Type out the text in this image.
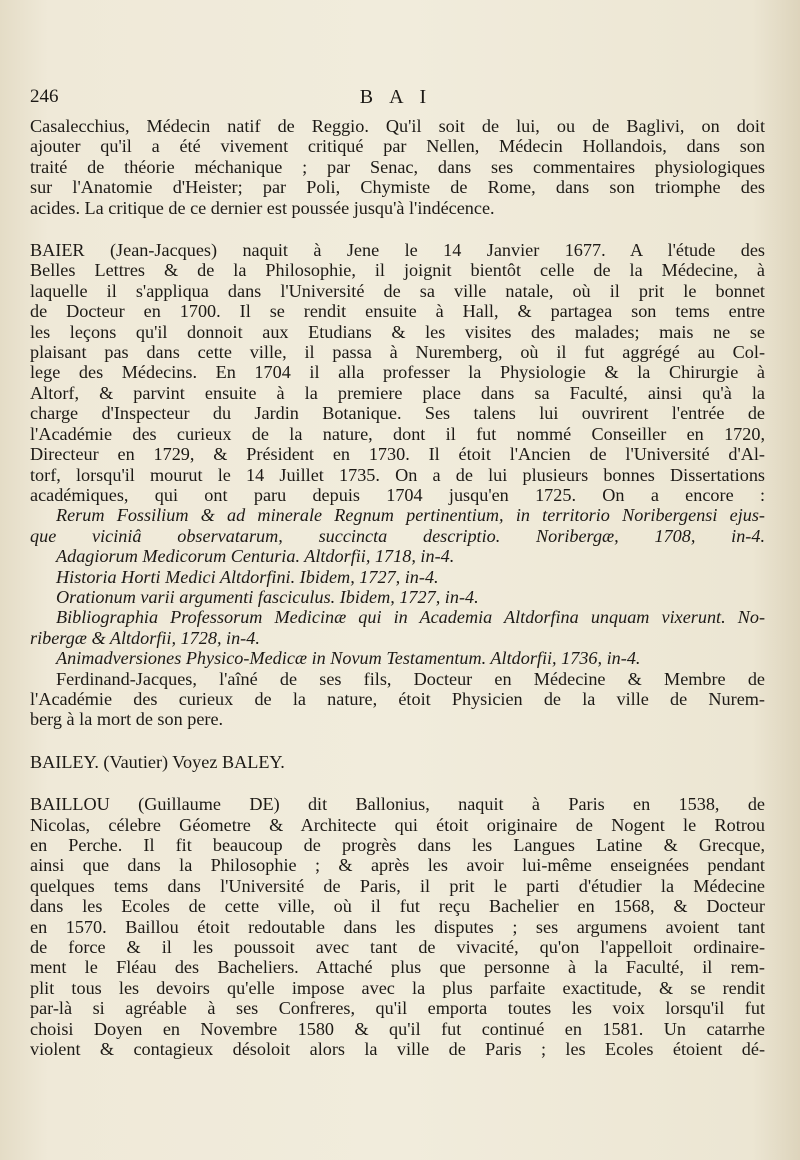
246	BAI
Casalecchius, Médecin natif de Reggio. Qu'il soit de lui, ou de Baglivi, on doit
ajouter qu'il a été vivement critiqué par Nellen, Médecin Hollandois, dans son
traité de théorie méchanique ; par Senac, dans ses commentaires physiologiques
sur l'Anatomie d'Heister; par Poli, Chymiste de Rome, dans son triomphe des
acides. La critique de ce dernier est poussée jusqu'à l'indécence.
BAIER (Jean-Jacques) naquit à Jene le 14 Janvier 1677. A l'étude des
Belles Lettres & de la Philosophie, il joignit bientôt celle de la Médecine, à
laquelle il s'appliqua dans l'Université de sa ville natale, où il prit le bonnet
de Docteur en 1700. Il se rendit ensuite à Hall, & partagea son tems entre
les leçons qu'il donnoit aux Etudians & les visites des malades; mais ne se
plaisant pas dans cette ville, il passa à Nuremberg, où il fut aggrégé au Col-
lege des Médecins. En 1704 il alla professer la Physiologie & la Chirurgie à
Altorf, & parvint ensuite à la premiere place dans sa Faculté, ainsi qu'à la
charge d'Inspecteur du Jardin Botanique. Ses talens lui ouvrirent l'entrée de
l'Académie des curieux de la nature, dont il fut nommé Conseiller en 1720,
Directeur en 1729, & Président en 1730. Il étoit l'Ancien de l'Université d'Al-
torf, lorsqu'il mourut le 14 Juillet 1735. On a de lui plusieurs bonnes Dissertations
académiques, qui ont paru depuis 1704 jusqu'en 1725. On a encore :
Rerum Fossilium & ad minerale Regnum pertinentium, in territorio Noribergensi ejus-
que viciniâ observatarum, succincta descriptio. Noribergæ, 1708, in-4.
Adagiorum Medicorum Centuria. Altdorfii, 1718, in-4.
Historia Horti Medici Altdorfini. Ibidem, 1727, in-4.
Orationum varii argumenti fasciculus. Ibidem, 1727, in-4.
Bibliographia Professorum Medicinæ qui in Academia Altdorfina unquam vixerunt. No-
ribergæ & Altdorfii, 1728, in-4.
Animadversiones Physico-Medicæ in Novum Testamentum. Altdorfii, 1736, in-4.
Ferdinand-Jacques, l'aîné de ses fils, Docteur en Médecine & Membre de
l'Académie des curieux de la nature, étoit Physicien de la ville de Nurem-
berg à la mort de son pere.
BAILEY. (Vautier) Voyez BALEY.
BAILLOU (Guillaume DE) dit Ballonius, naquit à Paris en 1538, de
Nicolas, célebre Géometre & Architecte qui étoit originaire de Nogent le Rotrou
en Perche. Il fit beaucoup de progrès dans les Langues Latine & Grecque,
ainsi que dans la Philosophie ; & après les avoir lui-même enseignées pendant
quelques tems dans l'Université de Paris, il prit le parti d'étudier la Médecine
dans les Ecoles de cette ville, où il fut reçu Bachelier en 1568, & Docteur
en 1570. Baillou étoit redoutable dans les disputes ; ses argumens avoient tant
de force & il les poussoit avec tant de vivacité, qu'on l'appelloit ordinaire-
ment le Fléau des Bacheliers. Attaché plus que personne à la Faculté, il rem-
plit tous les devoirs qu'elle impose avec la plus parfaite exactitude, & se rendit
par-là si agréable à ses Confreres, qu'il emporta toutes les voix lorsqu'il fut
choisi Doyen en Novembre 1580 & qu'il fut continué en 1581. Un catarrhe
violent & contagieux désoloit alors la ville de Paris ; les Ecoles étoient dé-
